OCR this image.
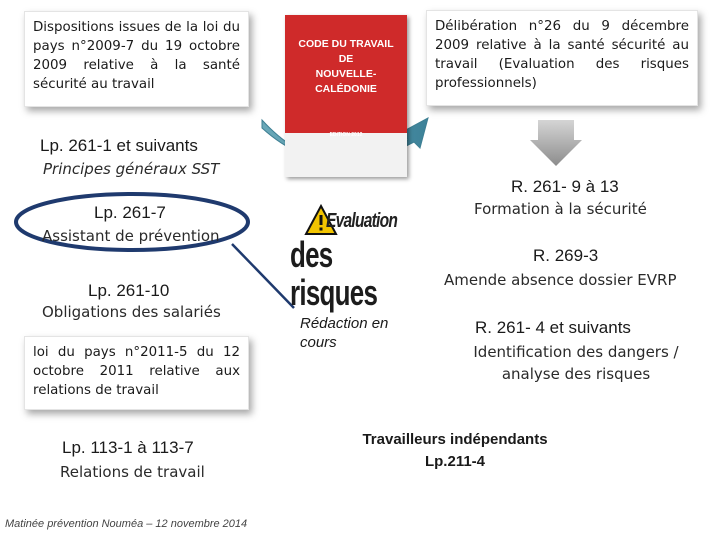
Dispositions issues de la loi du pays n°2009-7 du 19 octobre 2009 relative à la santé sécurité au travail

Délibération n°26 du 9 décembre 2009 relative à la santé sécurité au travail (Evaluation des risques professionnels)

CODE DU TRAVAIL
DE
NOUVELLE-CALÉDONIE
EDITION 2012
Lp. 261-1 et suivants
Principes généraux SST
Lp. 261-7
Assistant de prévention
Lp. 261-10
Obligations des salariés

loi du pays n°2011-5 du 12 octobre 2011 relative aux relations de travail

Lp. 113-1 à 113-7
Relations de travail
Evaluation
des risques
Rédaction en cours
R. 261- 9 à 13
Formation à la sécurité
R. 269-3
Amende absence dossier EVRP
R. 261- 4 et suivants
Identification des dangers / analyse des risques
Travailleurs indépendants
Lp.211-4
Matinée prévention Nouméa – 12 novembre 2014
